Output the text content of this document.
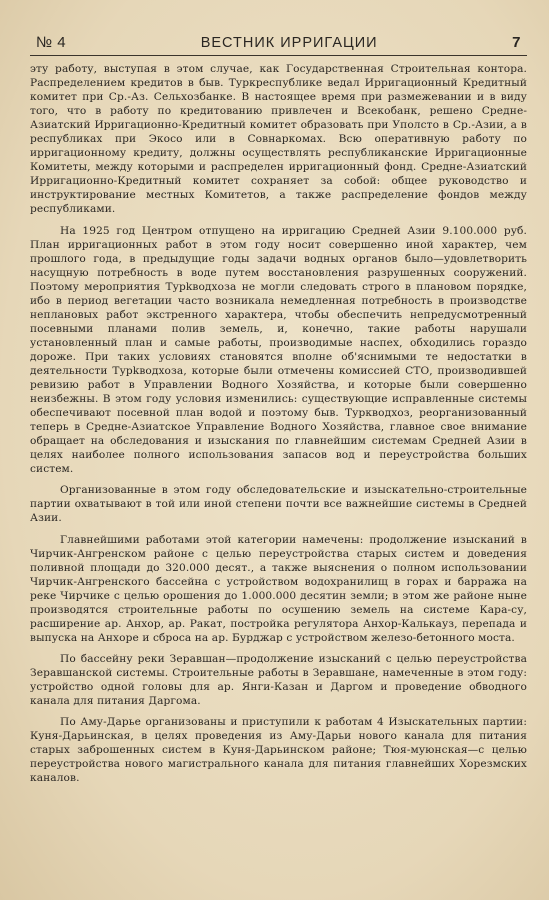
№ 4	ВЕСТНИК ИРРИГАЦИИ	7

эту работу, выступая в этом случае, как Государственная Строительная контора. Распределением кредитов в быв. Туркреспублике ведал Ирригационный Кредитный комитет при Ср.-Аз. Сельхозбанке. В настоящее время при размежевании и в виду того, что в работу по кредитованию привлечен и Всекобанк, решено Средне-Азиатский Ирригационно-Кредитный комитет образовать при Уполсто в Ср.-Азии, а в республиках при Экосо или в Совнаркомах. Всю оперативную работу по ирригационному кредиту, должны осуществлять республиканские Ирригационные Комитеты, между которыми и распределен ирригационный фонд. Средне-Азиатский Ирригационно-Кредитный комитет сохраняет за собой: общее руководство и инструктирование местных Комитетов, а также распределение фондов между республиками.

На 1925 год Центром отпущено на ирригацию Средней Азии 9.100.000 руб. План ирригационных работ в этом году носит совершенно иной характер, чем прошлого года, в предыдущие годы задачи водных органов было—удовлетворить насущную потребность в воде путем восстановления разрушенных сооружений. Поэтому мероприятия Турkводхоза не могли следовать строго в плановом порядке, ибо в период вегетации часто возникала немедленная потребность в производстве неплановых работ экстренного характера, чтобы обеспечить непредусмотренный посевными планами полив земель, и, конечно, такие работы нарушали установленный план и самые работы, производимые наспех, обходились гораздо дороже. При таких условиях становятся вполне об'яснимыми те недостатки в деятельности Турkводхоза, которые были отмечены комиссией СТО, производившей ревизию работ в Управлении Водного Хозяйства, и которые были совершенно неизбежны. В этом году условия изменились: существующие исправленные системы обеспечивают посевной план водой и поэтому быв. Туркводхоз, реорганизованный теперь в Средне-Азиатское Управление Водного Хозяйства, главное свое внимание обращает на обследования и изыскания по главнейшим системам Средней Азии в целях наиболее полного использования запасов вод и переустройства больших систем.

Организованные в этом году обследовательские и изыскательно-строительные партии охватывают в той или иной степени почти все важнейшие системы в Средней Азии.

Главнейшими работами этой категории намечены: продолжение изысканий в Чирчик-Ангренском районе с целью переустройства старых систем и доведения поливной площади до 320.000 десят., а также выяснения о полном использовании Чирчик-Ангренского бассейна с устройством водохранилищ в горах и барража на реке Чирчике с целью орошения до 1.000.000 десятин земли; в этом же районе ныне производятся строительные работы по осушению земель на системе Кара-су, расширение ар. Анхор, ар. Ракат, постройка регулятора Анхор-Калькауз, перепада и выпуска на Анхоре и сброса на ар. Бурджар с устройством железо-бетонного моста.

По бассейну реки Зеравшан—продолжение изысканий с целью переустройства Зеравшанской системы. Строительные работы в Зеравшане, намеченные в этом году: устройство одной головы для ар. Янги-Казан и Даргом и проведение обводного канала для питания Даргома.

По Аму-Дарье организованы и приступили к работам 4 Изыскательных партии: Куня-Дарьинская, в целях проведения из Аму-Дарьи нового канала для питания старых заброшенных систем в Куня-Дарьинском районе; Тюя-муюнская—с целью переустройства нового магистрального канала для питания главнейших Хорезмских каналов.
